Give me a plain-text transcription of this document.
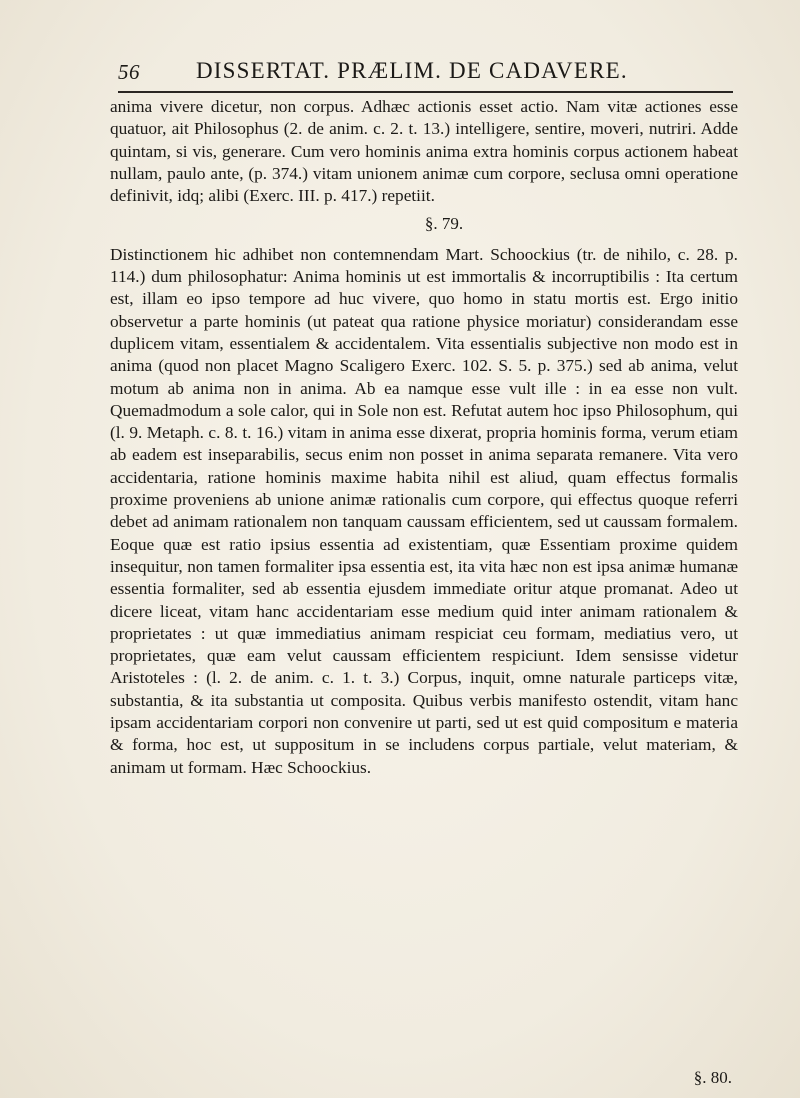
56 DISSERTAT. PRÆLIM. DE CADAVERE.

anima vivere dicetur, non corpus. Adhæc actionis esset actio. Nam vitæ actiones esse quatuor, ait Philosophus (2. de anim. c. 2. t. 13.) intelligere, sentire, moveri, nutriri. Adde quintam, si vis, generare. Cum vero hominis anima extra hominis corpus actionem habeat nullam, paulo ante, (p. 374.) vitam unionem animæ cum corpore, seclusa omni operatione definivit, idq; alibi (Exerc. III. p. 417.) repetiit.

§. 79.

Distinctionem hic adhibet non contemnendam Mart. Schoockius (tr. de nihilo, c. 28. p. 114.) dum philosophatur: Anima hominis ut est immortalis & incorruptibilis : Ita certum est, illam eo ipso tempore ad huc vivere, quo homo in statu mortis est. Ergo initio observetur a parte hominis (ut pateat qua ratione physice moriatur) considerandam esse duplicem vitam, essentialem & accidentalem. Vita essentialis subjective non modo est in anima (quod non placet Magno Scaligero Exerc. 102. S. 5. p. 375.) sed ab anima, velut motum ab anima non in anima. Ab ea namque esse vult ille : in ea esse non vult. Quemadmodum a sole calor, qui in Sole non est. Refutat autem hoc ipso Philosophum, qui (l. 9. Metaph. c. 8. t. 16.) vitam in anima esse dixerat, propria hominis forma, verum etiam ab eadem est inseparabilis, secus enim non posset in anima separata remanere. Vita vero accidentaria, ratione hominis maxime habita nihil est aliud, quam effectus formalis proxime proveniens ab unione animæ rationalis cum corpore, qui effectus quoque referri debet ad animam rationalem non tanquam caussam efficientem, sed ut caussam formalem. Eoque quæ est ratio ipsius essentia ad existentiam, quæ Essentiam proxime quidem insequitur, non tamen formaliter ipsa essentia est, ita vita hæc non est ipsa animæ humanæ essentia formaliter, sed ab essentia ejusdem immediate oritur atque promanat. Adeo ut dicere liceat, vitam hanc accidentariam esse medium quid inter animam rationalem & proprietates : ut quæ immediatius animam respiciat ceu formam, mediatius vero, ut proprietates, quæ eam velut caussam efficientem respiciunt. Idem sensisse videtur Aristoteles : (l. 2. de anim. c. 1. t. 3.) Corpus, inquit, omne naturale particeps vitæ, substantia, & ita substantia ut composita. Quibus verbis manifesto ostendit, vitam hanc ipsam accidentariam corpori non convenire ut parti, sed ut est quid compositum e materia & forma, hoc est, ut suppositum in se includens corpus partiale, velut materiam, & animam ut formam. Hæc Schoockius.

§. 80.
